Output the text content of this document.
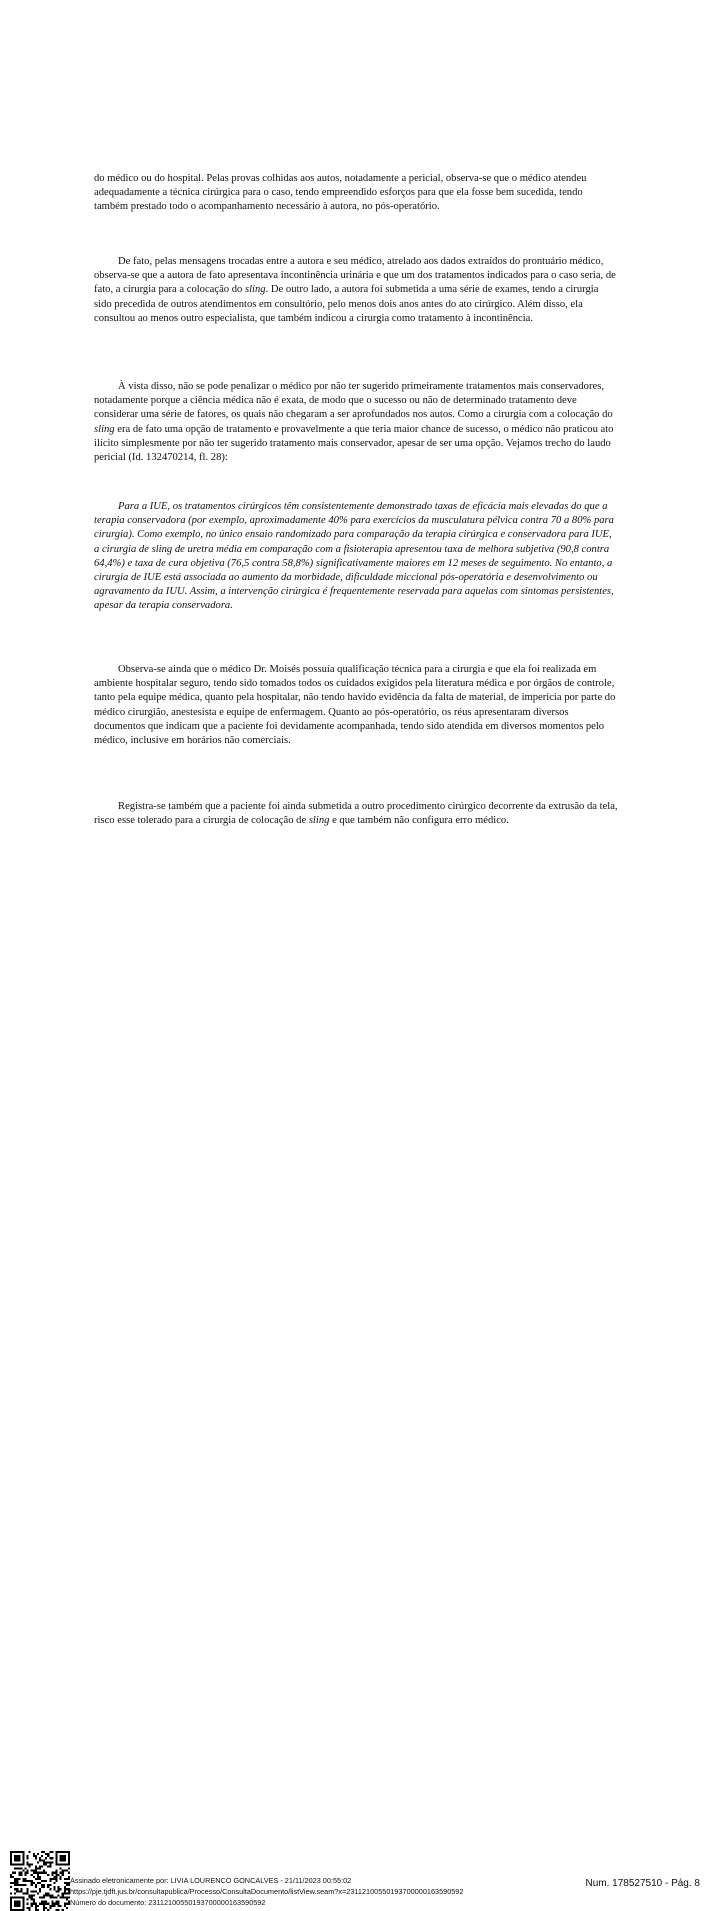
do médico ou do hospital. Pelas provas colhidas aos autos, notadamente a pericial, observa-se que o médico atendeu adequadamente a técnica cirúrgica para o caso, tendo empreendido esforços para que ela fosse bem sucedida, tendo também prestado todo o acompanhamento necessário à autora, no pós-operatório.

De fato, pelas mensagens trocadas entre a autora e seu médico, atrelado aos dados extraídos do prontuário médico, observa-se que a autora de fato apresentava incontinência urinária e que um dos tratamentos indicados para o caso seria, de fato, a cirurgia para a colocação do sling. De outro lado, a autora foi submetida a uma série de exames, tendo a cirurgia sido precedida de outros atendimentos em consultório, pelo menos dois anos antes do ato cirúrgico. Além disso, ela consultou ao menos outro especialista, que também indicou a cirurgia como tratamento à incontinência.

À vista disso, não se pode penalizar o médico por não ter sugerido primeiramente tratamentos mais conservadores, notadamente porque a ciência médica não é exata, de modo que o sucesso ou não de determinado tratamento deve considerar uma série de fatores, os quais não chegaram a ser aprofundados nos autos. Como a cirurgia com a colocação do sling era de fato uma opção de tratamento e provavelmente a que teria maior chance de sucesso, o médico não praticou ato ilícito simplesmente por não ter sugerido tratamento mais conservador, apesar de ser uma opção. Vejamos trecho do laudo pericial (Id. 132470214, fl. 28):

Para a IUE, os tratamentos cirúrgicos têm consistentemente demonstrado taxas de eficácia mais elevadas do que a terapia conservadora (por exemplo, aproximadamente 40% para exercícios da musculatura pélvica contra 70 a 80% para cirurgia). Como exemplo, no único ensaio randomizado para comparação da terapia cirúrgica e conservadora para IUE, a cirurgia de sling de uretra média em comparação com a fisioterapia apresentou taxa de melhora subjetiva (90,8 contra 64,4%) e taxa de cura objetiva (76,5 contra 58,8%) significativamente maiores em 12 meses de seguimento. No entanto, a cirurgia de IUE está associada ao aumento da morbidade, dificuldade miccional pós-operatória e desenvolvimento ou agravamento da IUU. Assim, a intervenção cirúrgica é frequentemente reservada para aquelas com sintomas persistentes, apesar da terapia conservadora.

Observa-se ainda que o médico Dr. Moisés possuía qualificação técnica para a cirurgia e que ela foi realizada em ambiente hospitalar seguro, tendo sido tomados todos os cuidados exigidos pela literatura médica e por órgãos de controle, tanto pela equipe médica, quanto pela hospitalar, não tendo havido evidência da falta de material, de imperícia por parte do médico cirurgião, anestesista e equipe de enfermagem. Quanto ao pós-operatório, os réus apresentaram diversos documentos que indicam que a paciente foi devidamente acompanhada, tendo sido atendida em diversos momentos pelo médico, inclusive em horários não comerciais.

Registra-se também que a paciente foi ainda submetida a outro procedimento cirúrgico decorrente da extrusão da tela, risco esse tolerado para a cirurgia de colocação de sling e que também não configura erro médico.

Assinado eletronicamente por: LIVIA LOURENCO GONCALVES - 21/11/2023 00:55:02
https://pje.tjdft.jus.br/consultapublica/Processo/ConsultaDocumento/listView.seam?x=23112100550193700000163590592
Número do documento: 23112100550193700000163590592
Num. 178527510 - Pág. 8
